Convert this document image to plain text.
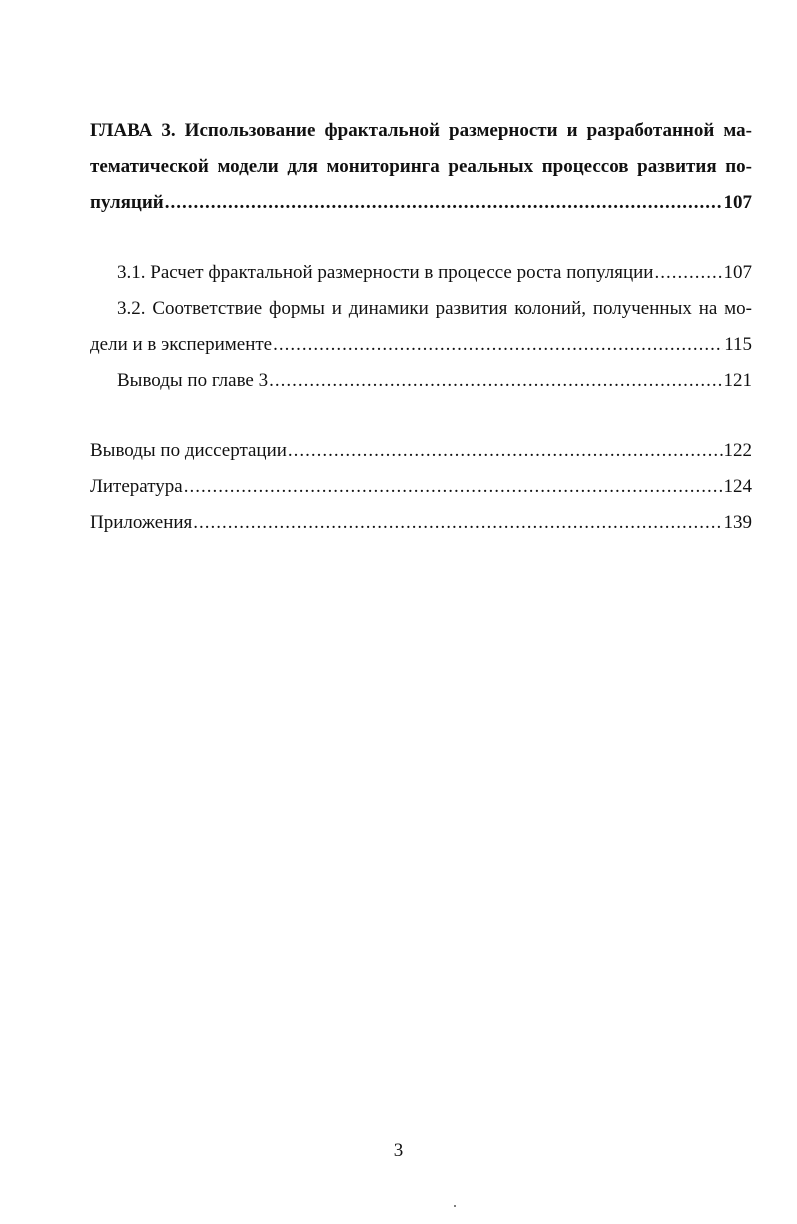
ГЛАВА 3. Использование фрактальной размерности и разработанной ма-
тематической модели для мониторинга реальных процессов развития по-
пуляций .....	107
3.1. Расчет фрактальной размерности в процессе роста популяции .....	107
3.2. Соответствие формы и динамики развития колоний, полученных на мо-
дели и в эксперименте .....	115
Выводы по главе 3 .....	121
Выводы по диссертации .....	122
Литература .....	124
Приложения .....	139
3
